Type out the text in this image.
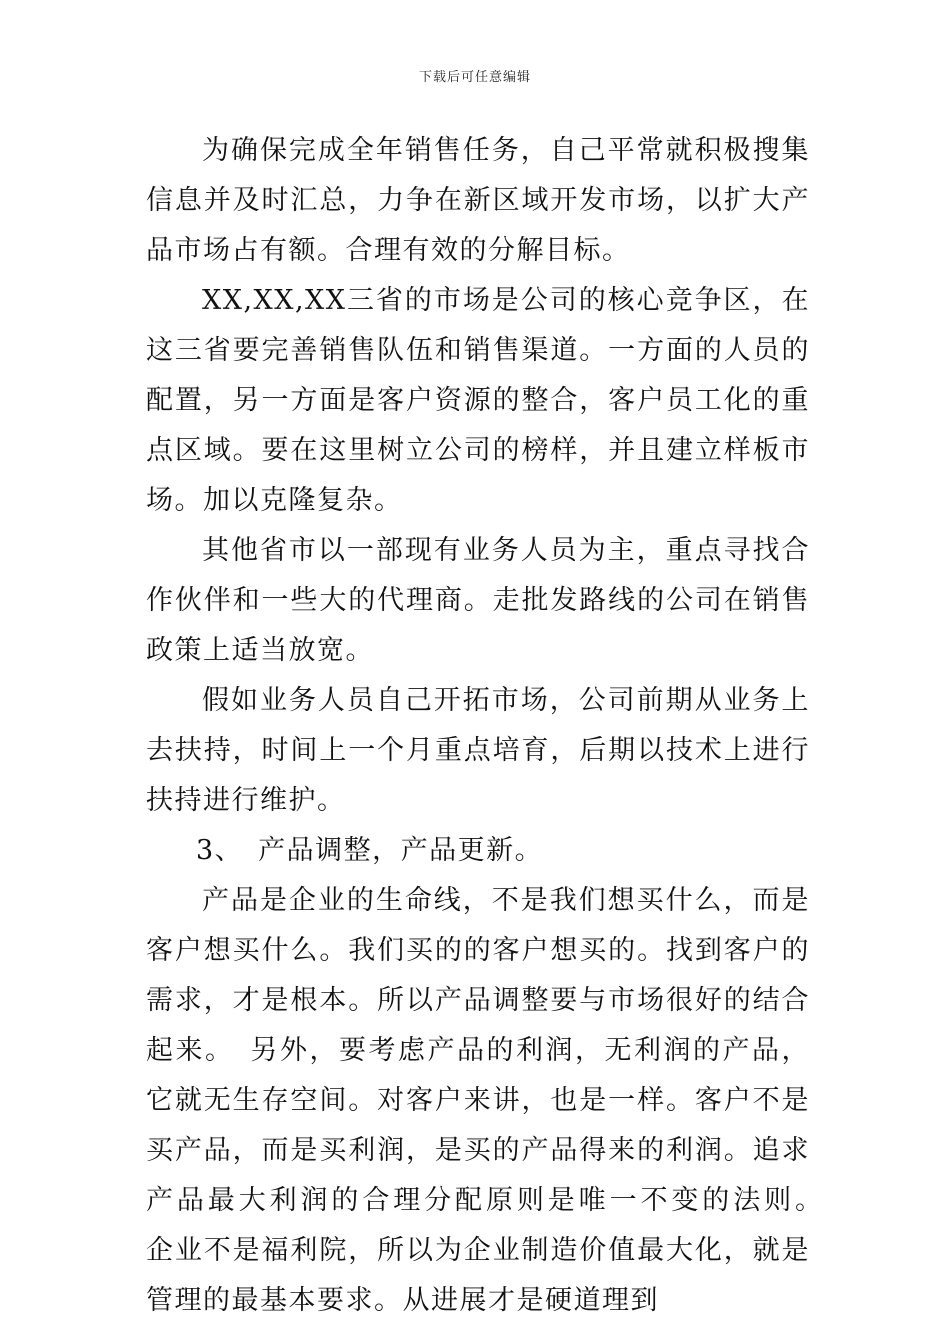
下载后可任意编辑

为确保完成全年销售任务，自己平常就积极搜集信息并及时汇总，力争在新区域开发市场，以扩大产品市场占有额。合理有效的分解目标。

XX,XX,XX三省的市场是公司的核心竞争区，在这三省要完善销售队伍和销售渠道。一方面的人员的配置，另一方面是客户资源的整合，客户员工化的重点区域。要在这里树立公司的榜样，并且建立样板市场。加以克隆复杂。

其他省市以一部现有业务人员为主，重点寻找合作伙伴和一些大的代理商。走批发路线的公司在销售政策上适当放宽。

假如业务人员自己开拓市场，公司前期从业务上去扶持，时间上一个月重点培育，后期以技术上进行扶持进行维护。

3、　产品调整，产品更新。

产品是企业的生命线，不是我们想买什么，而是客户想买什么。我们买的的客户想买的。找到客户的需求，才是根本。所以产品调整要与市场很好的结合起来。　另外，要考虑产品的利润，无利润的产品，它就无生存空间。对客户来讲，也是一样。客户不是买产品，而是买利润，是买的产品得来的利润。追求产品最大利润的合理分配原则是唯一不变的法则。　企业不是福利院，所以为企业制造价值最大化，就是管理的最基本要求。从进展才是硬道理到
